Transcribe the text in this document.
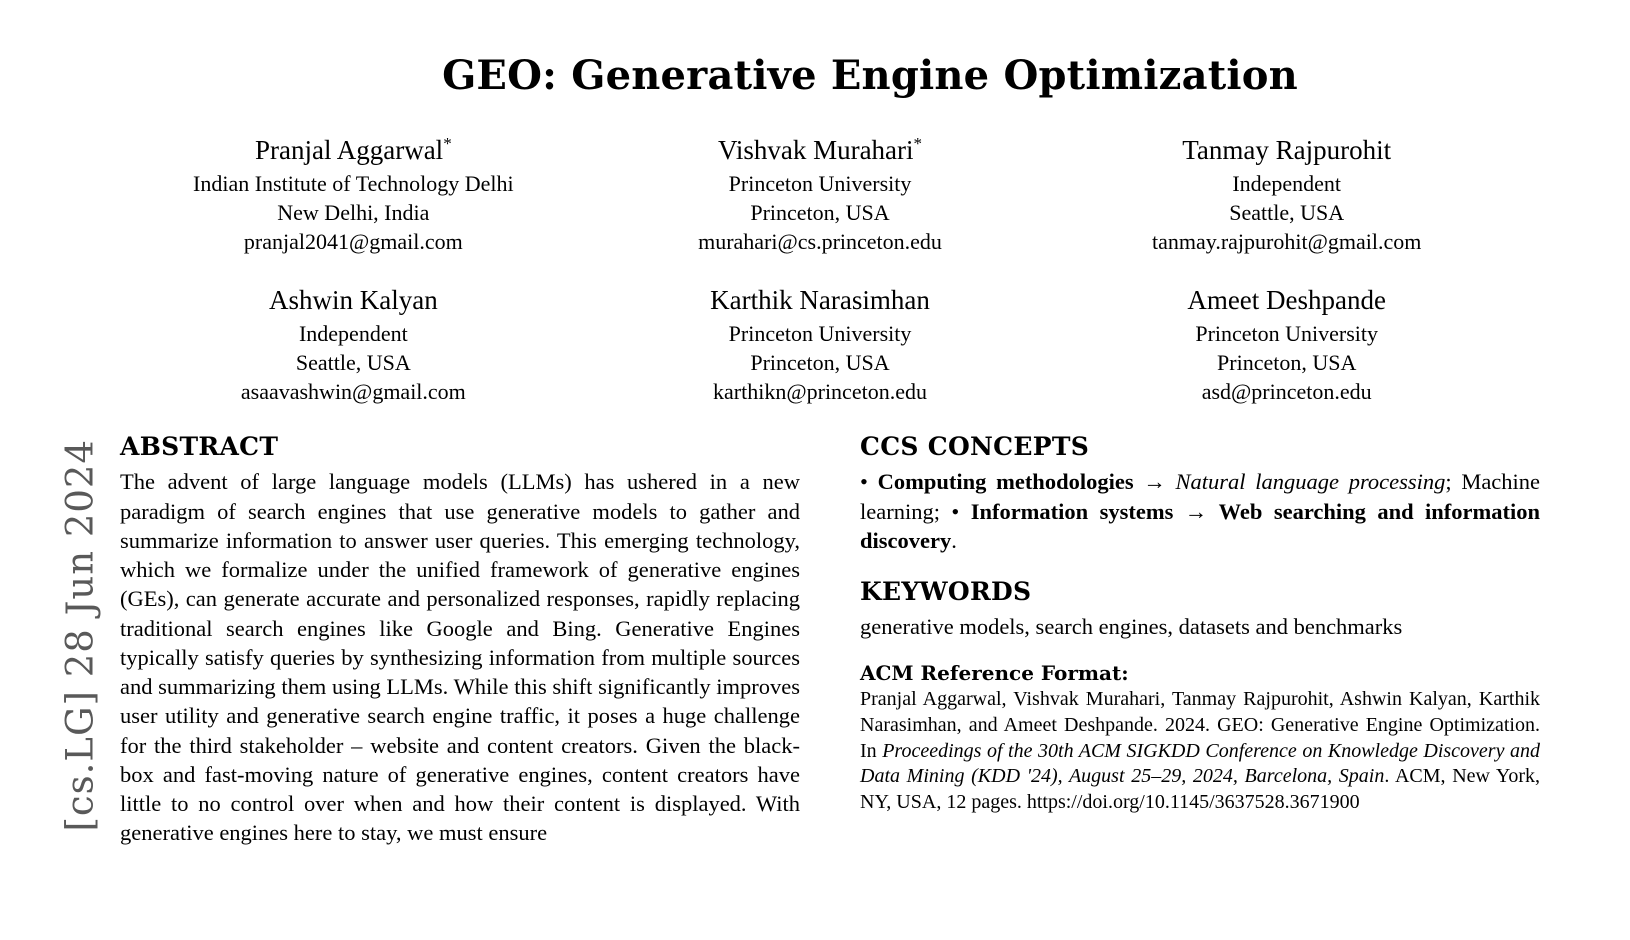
[cs.LG] 28 Jun 2024
GEO: Generative Engine Optimization
Pranjal Aggarwal*
Indian Institute of Technology Delhi
New Delhi, India
pranjal2041@gmail.com
Vishvak Murahari*
Princeton University
Princeton, USA
murahari@cs.princeton.edu
Tanmay Rajpurohit
Independent
Seattle, USA
tanmay.rajpurohit@gmail.com
Ashwin Kalyan
Independent
Seattle, USA
asaavashwin@gmail.com
Karthik Narasimhan
Princeton University
Princeton, USA
karthikn@princeton.edu
Ameet Deshpande
Princeton University
Princeton, USA
asd@princeton.edu
ABSTRACT

The advent of large language models (LLMs) has ushered in a new paradigm of search engines that use generative models to gather and summarize information to answer user queries. This emerging technology, which we formalize under the unified framework of generative engines (GEs), can generate accurate and personalized responses, rapidly replacing traditional search engines like Google and Bing. Generative Engines typically satisfy queries by synthesizing information from multiple sources and summarizing them using LLMs. While this shift significantly improves user utility and generative search engine traffic, it poses a huge challenge for the third stakeholder – website and content creators. Given the black-box and fast-moving nature of generative engines, content creators have little to no control over when and how their content is displayed. With generative engines here to stay, we must ensure

CCS CONCEPTS

• Computing methodologies → Natural language processing; Machine learning; • Information systems → Web searching and information discovery.

KEYWORDS

generative models, search engines, datasets and benchmarks

ACM Reference Format:

Pranjal Aggarwal, Vishvak Murahari, Tanmay Rajpurohit, Ashwin Kalyan, Karthik Narasimhan, and Ameet Deshpande. 2024. GEO: Generative Engine Optimization. In Proceedings of the 30th ACM SIGKDD Conference on Knowledge Discovery and Data Mining (KDD '24), August 25–29, 2024, Barcelona, Spain. ACM, New York, NY, USA, 12 pages. https://doi.org/10.1145/3637528.3671900
